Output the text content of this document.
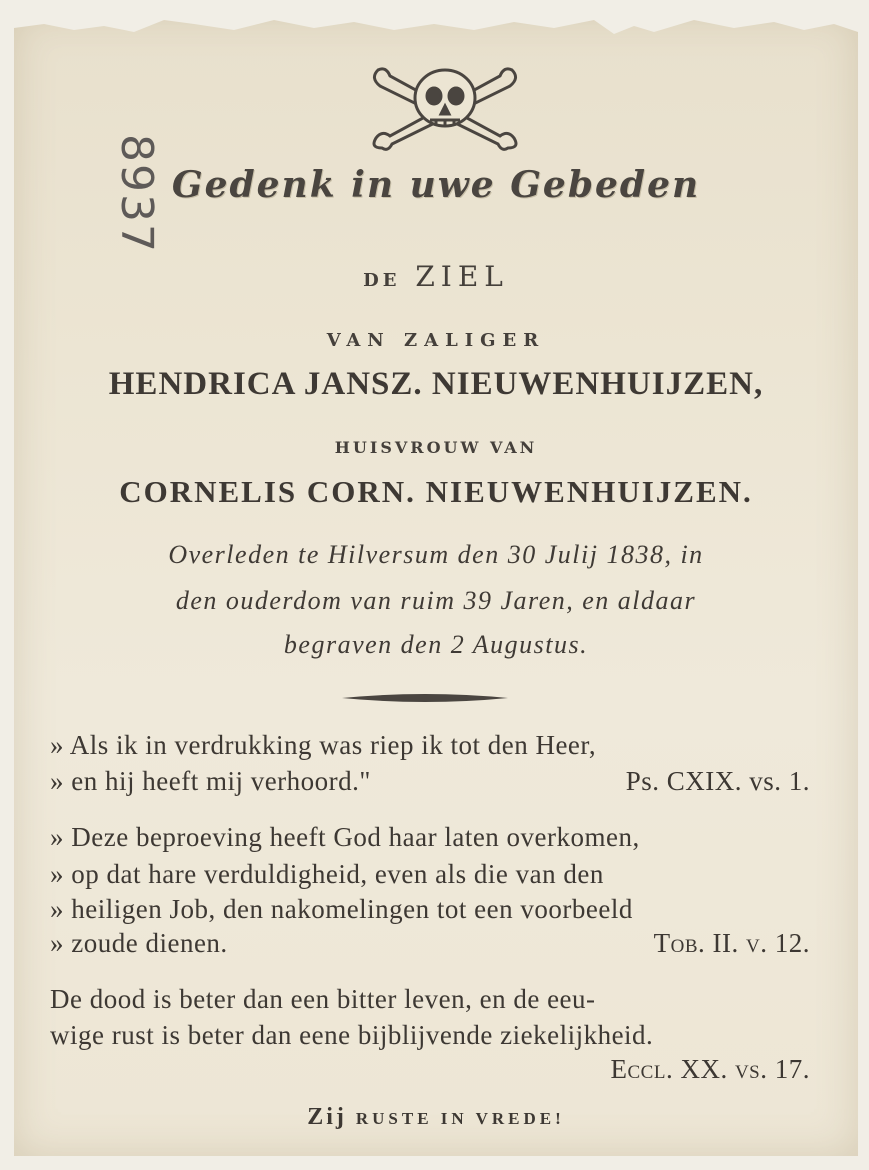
8937 Gedenk in uwe Gebeden
DE ZIEL
VAN ZALIGER
HENDRICA JANSZ. NIEUWENHUIJZEN,
HUISVROUW VAN
CORNELIS CORN. NIEUWENHUIJZEN.
Overleden te Hilversum den 30 Julij 1838, in
den ouderdom van ruim 39 Jaren, en aldaar
begraven den 2 Augustus.
» Als ik in verdrukking was riep ik tot den Heer,
» en hij heeft mij verhoord."	Ps. CXIX. vs. 1.
» Deze beproeving heeft God haar laten overkomen,
» op dat hare verduldigheid, even als die van den
» heiligen Job, den nakomelingen tot een voorbeeld
» zoude dienen.	Tob. II. v. 12.
De dood is beter dan een bitter leven, en de eeu-
wige rust is beter dan eene bijblijvende ziekelijkheid.
Eccl. XX. vs. 17.
Zij RUSTE IN VREDE!
